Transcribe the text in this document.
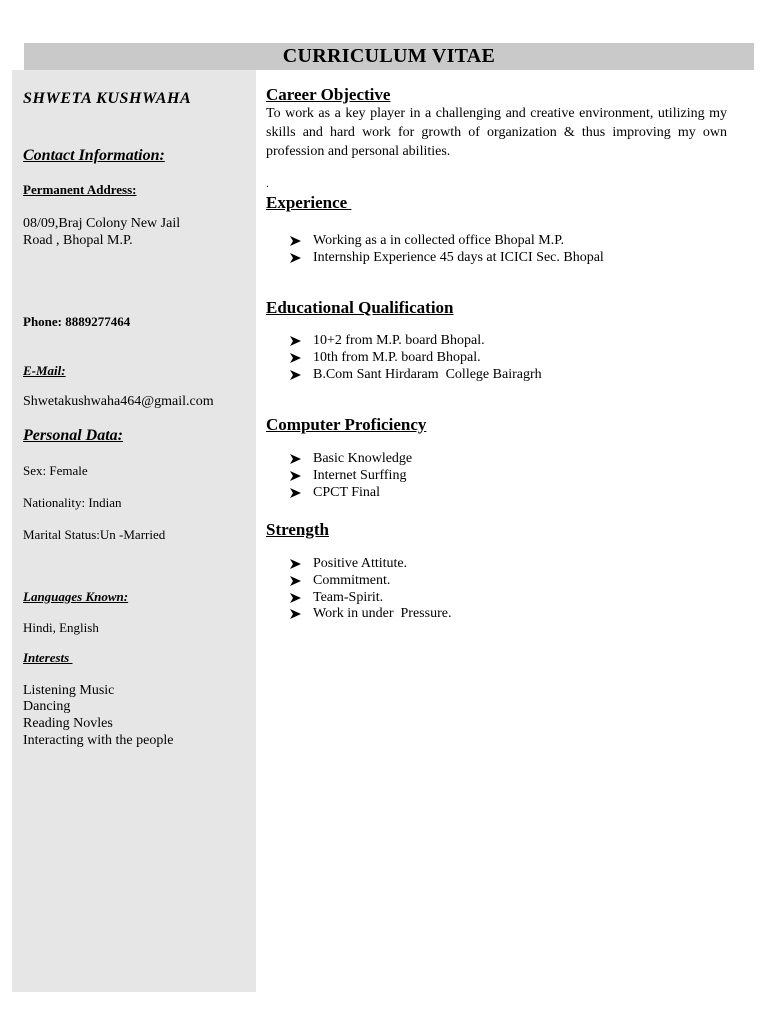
CURRICULUM VITAE
SHWETA KUSHWAHA
Contact Information:
Permanent Address:
08/09,Braj Colony New Jail
Road , Bhopal M.P.
Phone: 8889277464
E-Mail:
Shwetakushwaha464@gmail.com
Personal Data:
Sex: Female
Nationality: Indian
Marital Status:Un -Married
Languages Known:
Hindi, English
Interests
Listening Music
Dancing
Reading Novles
Interacting with the people
Career Objective
To work as a key player in a challenging and creative environment, utilizing my skills and hard work for growth of organization & thus improving my own profession and personal abilities.
.
Experience
Working as a in collected office Bhopal M.P.
Internship Experience 45 days at ICICI Sec. Bhopal
Educational Qualification
10+2 from M.P. board Bhopal.
10th from M.P. board Bhopal.
B.Com Sant Hirdaram  College Bairagrh
Computer Proficiency
Basic Knowledge
Internet Surffing
CPCT Final
Strength
Positive Attitute.
Commitment.
Team-Spirit.
Work in under  Pressure.
